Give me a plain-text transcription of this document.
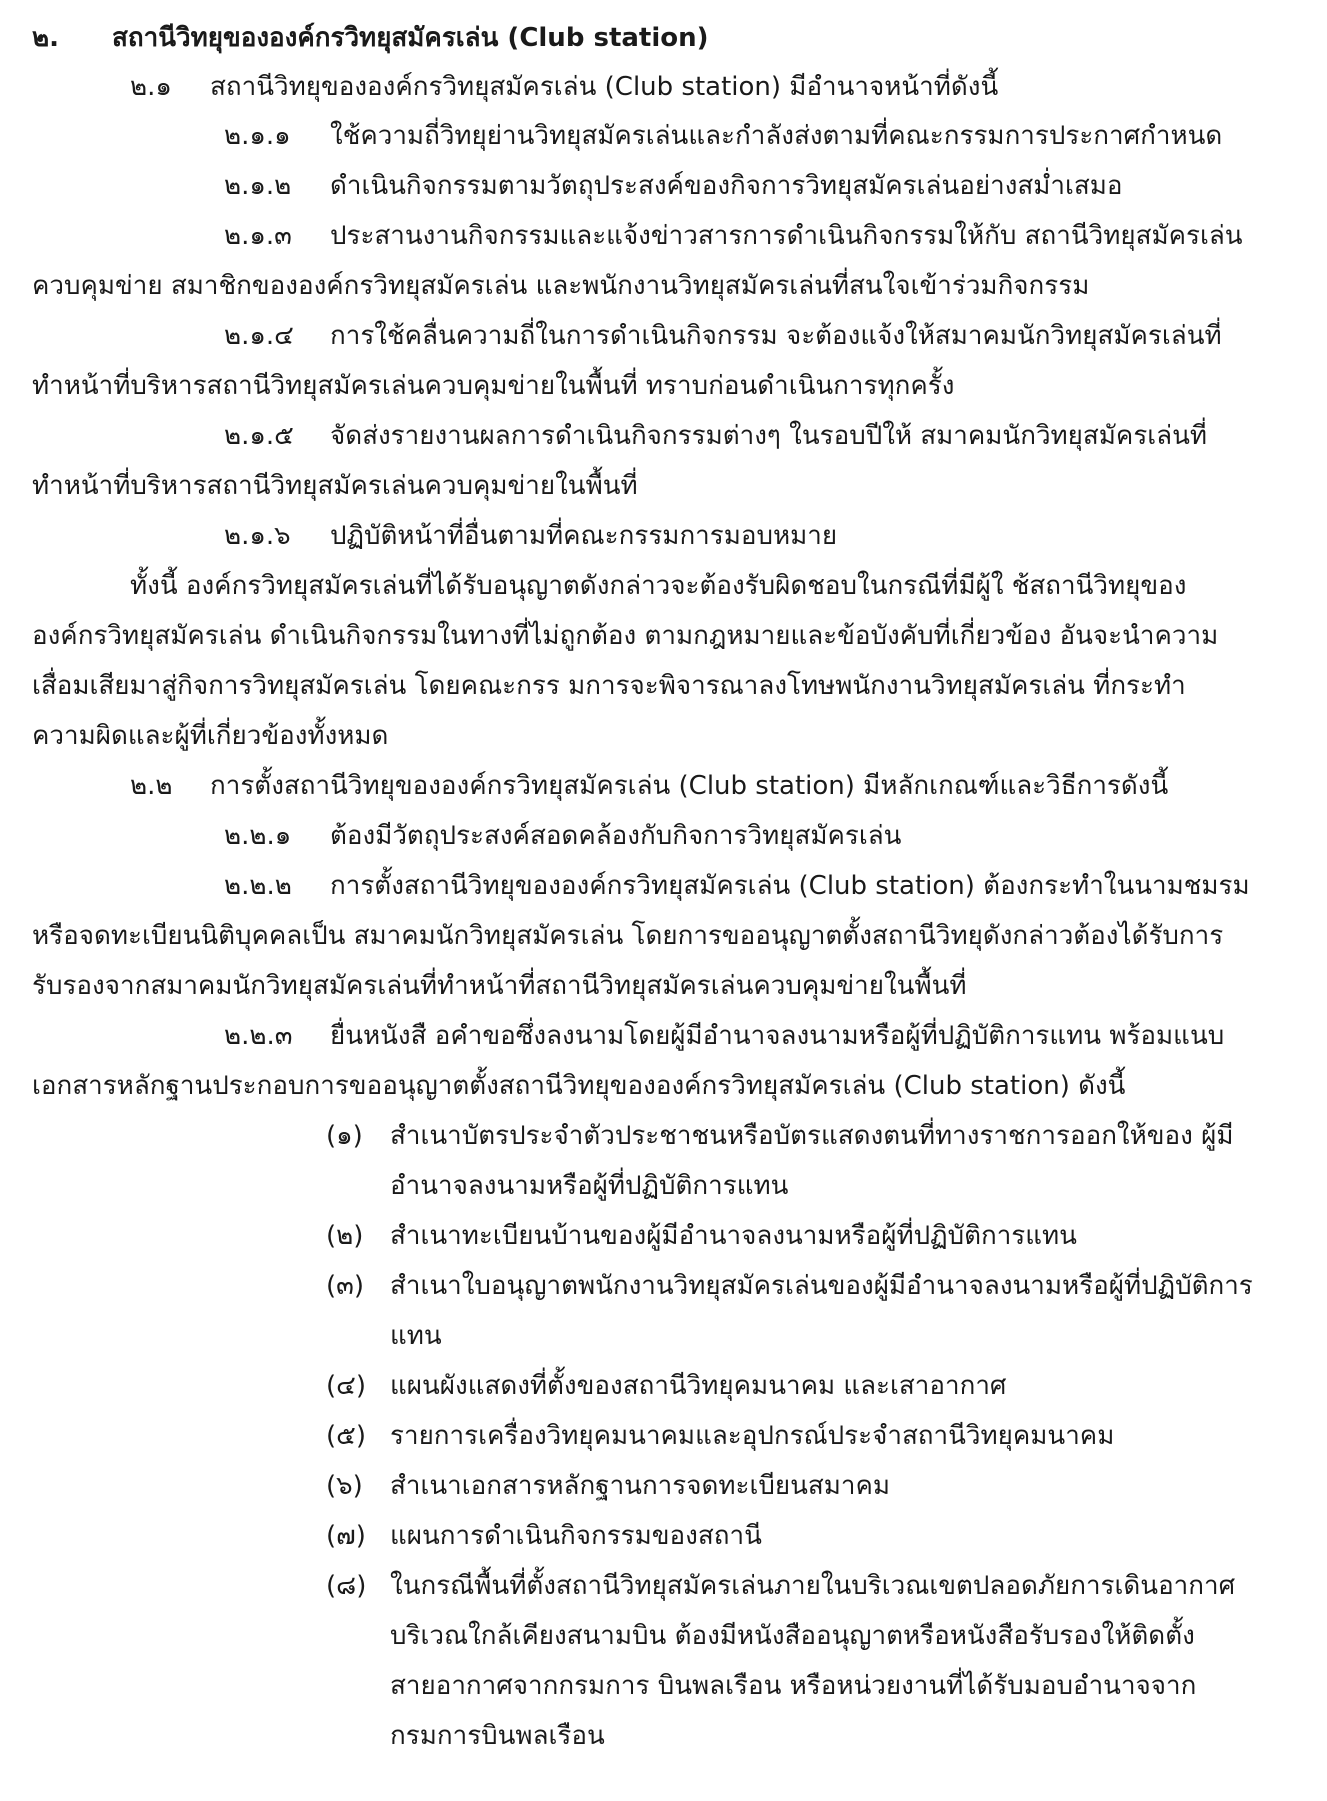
๒. สถานีวิทยุขององค์กรวิทยุสมัครเล่น (Club station)
๒.๑ สถานีวิทยุขององค์กรวิทยุสมัครเล่น (Club station) มีอำนาจหน้าที่ดังนี้
๒.๑.๑ ใช้ความถี่วิทยุย่านวิทยุสมัครเล่นและกำลังส่งตามที่คณะกรรมการประกาศกำหนด
๒.๑.๒ ดำเนินกิจกรรมตามวัตถุประสงค์ของกิจการวิทยุสมัครเล่นอย่างสม่ำเสมอ
๒.๑.๓ ประสานงานกิจกรรมและแจ้งข่าวสารการดำเนินกิจกรรมให้กับ สถานีวิทยุสมัครเล่น
ควบคุมข่าย สมาชิกขององค์กรวิทยุสมัครเล่น และพนักงานวิทยุสมัครเล่นที่สนใจเข้าร่วมกิจกรรม
๒.๑.๔ การใช้คลื่นความถี่ในการดำเนินกิจกรรม จะต้องแจ้งให้สมาคมนักวิทยุสมัครเล่นที่
ทำหน้าที่บริหารสถานีวิทยุสมัครเล่นควบคุมข่ายในพื้นที่ ทราบก่อนดำเนินการทุกครั้ง
๒.๑.๕ จัดส่งรายงานผลการดำเนินกิจกรรมต่างๆ ในรอบปีให้ สมาคมนักวิทยุสมัครเล่นที่
ทำหน้าที่บริหารสถานีวิทยุสมัครเล่นควบคุมข่ายในพื้นที่
๒.๑.๖ ปฏิบัติหน้าที่อื่นตามที่คณะกรรมการมอบหมาย
ทั้งนี้ องค์กรวิทยุสมัครเล่นที่ได้รับอนุญาตดังกล่าวจะต้องรับผิดชอบในกรณีที่มีผู้ใ ช้สถานีวิทยุของ
องค์กรวิทยุสมัครเล่น ดำเนินกิจกรรมในทางที่ไม่ถูกต้อง ตามกฎหมายและข้อบังคับที่เกี่ยวข้อง อันจะนำความ
เสื่อมเสียมาสู่กิจการวิทยุสมัครเล่น โดยคณะกรร มการจะพิจารณาลงโทษพนักงานวิทยุสมัครเล่น ที่กระทำ
ความผิดและผู้ที่เกี่ยวข้องทั้งหมด
๒.๒ การตั้งสถานีวิทยุขององค์กรวิทยุสมัครเล่น (Club station) มีหลักเกณฑ์และวิธีการดังนี้
๒.๒.๑ ต้องมีวัตถุประสงค์สอดคล้องกับกิจการวิทยุสมัครเล่น
๒.๒.๒ การตั้งสถานีวิทยุขององค์กรวิทยุสมัครเล่น (Club station) ต้องกระทำในนามชมรม
หรือจดทะเบียนนิติบุคคลเป็น สมาคมนักวิทยุสมัครเล่น โดยการขออนุญาตตั้งสถานีวิทยุดังกล่าวต้องได้รับการ
รับรองจากสมาคมนักวิทยุสมัครเล่นที่ทำหน้าที่สถานีวิทยุสมัครเล่นควบคุมข่ายในพื้นที่
๒.๒.๓ ยื่นหนังสื อคำขอซึ่งลงนามโดยผู้มีอำนาจลงนามหรือผู้ที่ปฏิบัติการแทน พร้อมแนบ
เอกสารหลักฐานประกอบการขออนุญาตตั้งสถานีวิทยุขององค์กรวิทยุสมัครเล่น (Club station) ดังนี้
(๑) สำเนาบัตรประจำตัวประชาชนหรือบัตรแสดงตนที่ทางราชการออกให้ของ ผู้มี
อำนาจลงนามหรือผู้ที่ปฏิบัติการแทน
(๒) สำเนาทะเบียนบ้านของผู้มีอำนาจลงนามหรือผู้ที่ปฏิบัติการแทน
(๓) สำเนาใบอนุญาตพนักงานวิทยุสมัครเล่นของผู้มีอำนาจลงนามหรือผู้ที่ปฏิบัติการ
แทน
(๔) แผนผังแสดงที่ตั้งของสถานีวิทยุคมนาคม และเสาอากาศ
(๕) รายการเครื่องวิทยุคมนาคมและอุปกรณ์ประจำสถานีวิทยุคมนาคม
(๖) สำเนาเอกสารหลักฐานการจดทะเบียนสมาคม
(๗) แผนการดำเนินกิจกรรมของสถานี
(๘) ในกรณีพื้นที่ตั้งสถานีวิทยุสมัครเล่นภายในบริเวณเขตปลอดภัยการเดินอากาศ
บริเวณใกล้เคียงสนามบิน ต้องมีหนังสืออนุญาตหรือหนังสือรับรองให้ติดตั้ง
สายอากาศจากกรมการ บินพลเรือน หรือหน่วยงานที่ได้รับมอบอำนาจจาก
กรมการบินพลเรือน
